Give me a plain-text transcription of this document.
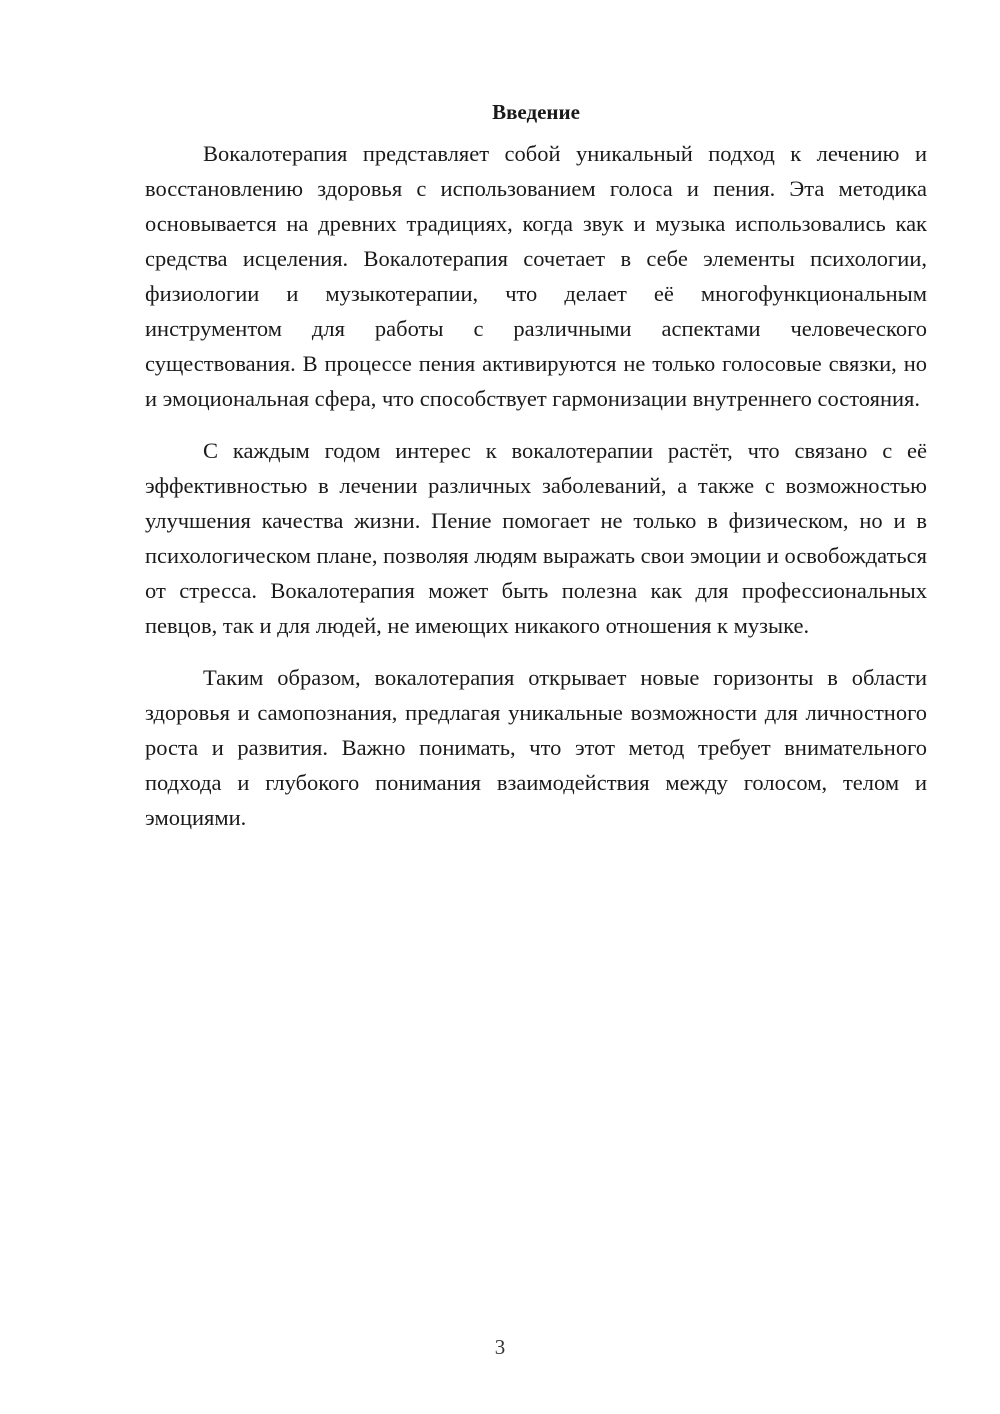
Введение

Вокалотерапия представляет собой уникальный подход к лечению и восстановлению здоровья с использованием голоса и пения. Эта методика основывается на древних традициях, когда звук и музыка использовались как средства исцеления. Вокалотерапия сочетает в себе элементы психологии, физиологии и музыкотерапии, что делает её многофункциональным инструментом для работы с различными аспектами человеческого существования. В процессе пения активируются не только голосовые связки, но и эмоциональная сфера, что способствует гармонизации внутреннего состояния.

С каждым годом интерес к вокалотерапии растёт, что связано с её эффективностью в лечении различных заболеваний, а также с возможностью улучшения качества жизни. Пение помогает не только в физическом, но и в психологическом плане, позволяя людям выражать свои эмоции и освобождаться от стресса. Вокалотерапия может быть полезна как для профессиональных певцов, так и для людей, не имеющих никакого отношения к музыке.

Таким образом, вокалотерапия открывает новые горизонты в области здоровья и самопознания, предлагая уникальные возможности для личностного роста и развития. Важно понимать, что этот метод требует внимательного подхода и глубокого понимания взаимодействия между голосом, телом и эмоциями.

3
